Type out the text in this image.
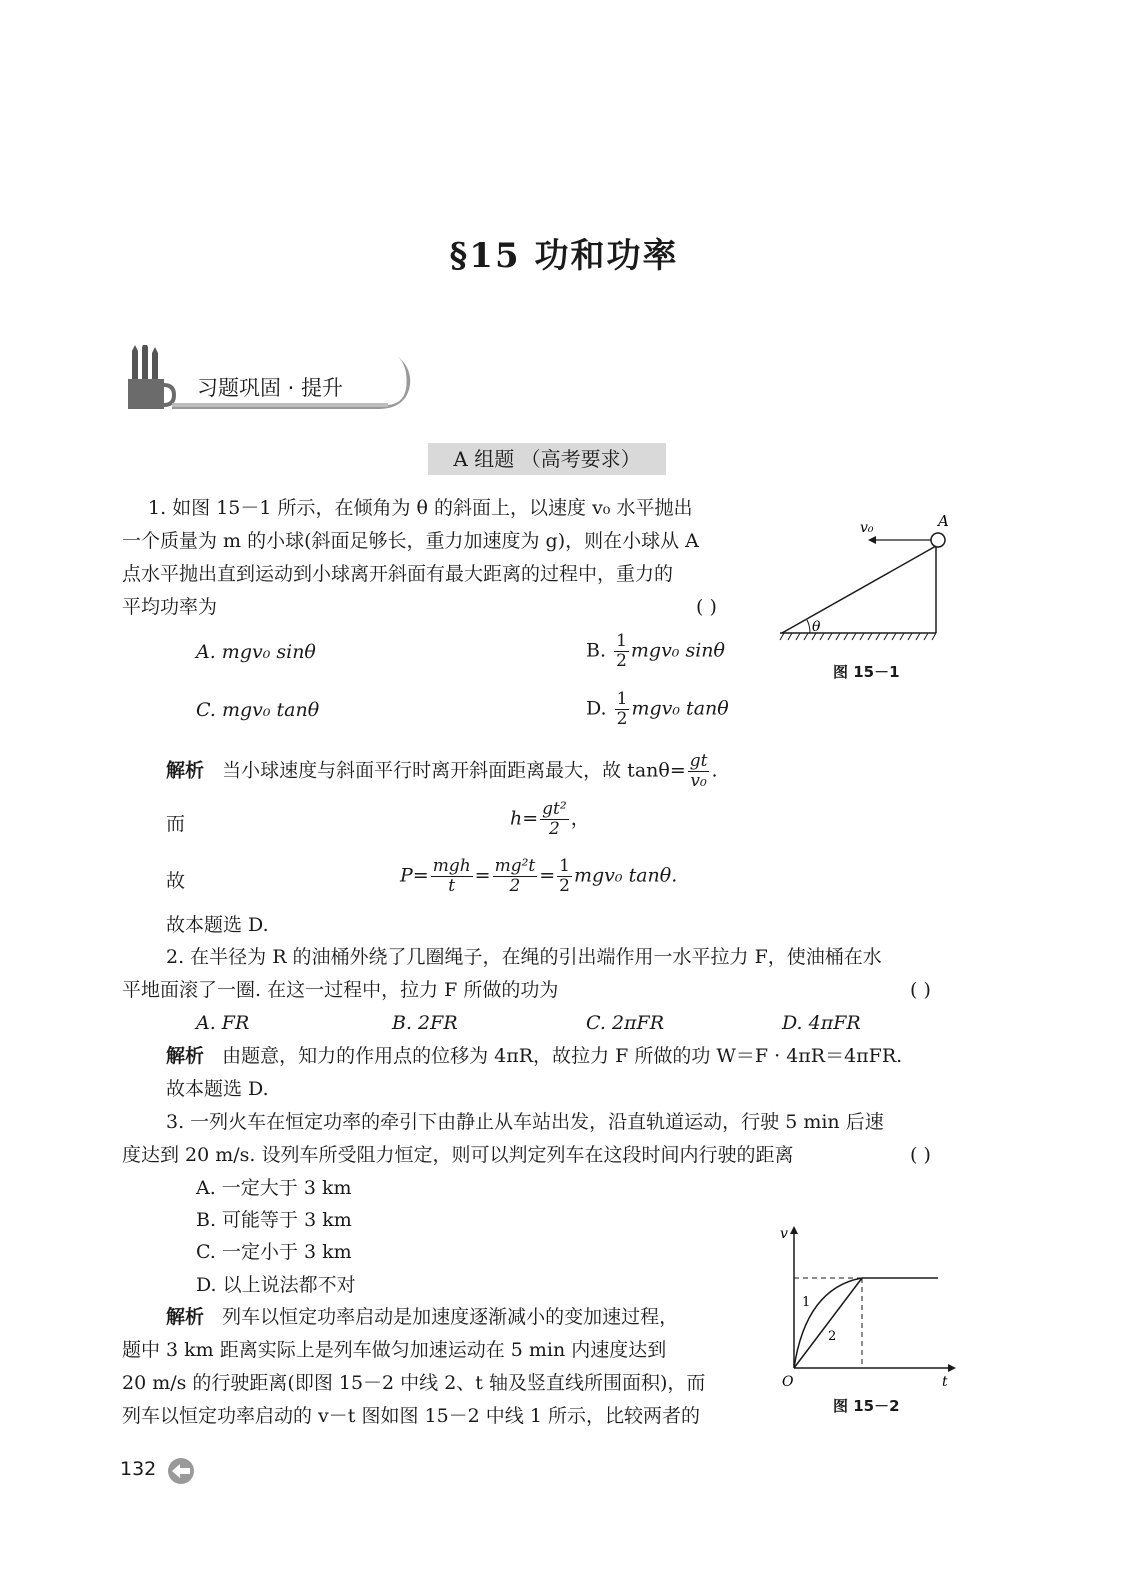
§15 功和功率
习题巩固 · 提升
A 组题 （高考要求）
1. 如图 15－1 所示，在倾角为 θ 的斜面上，以速度 v₀ 水平抛出
一个质量为 m 的小球(斜面足够长，重力加速度为 g)，则在小球从 A
点水平抛出直到运动到小球离开斜面有最大距离的过程中，重力的
平均功率为	( )
A. mgv₀ sinθ	B. $\frac{1}{2} mgv_0$ sinθ
C. mgv₀ tanθ	D. $\frac{1}{2} mgv_0$ tanθ
v₀	A
θ
图 15－1
解析 当小球速度与斜面平行时离开斜面距离最大，故 $\tan\theta= \frac{gt}{\text{v₀}}$ .
而	$h= \frac{\text{gt²}}{2}$ ，
故	$P= \frac{\text{mgh}}{t} = \frac{\text{mg²t}}{2} = \frac{1}{2} mgv_0$ tanθ.
故本题选 D.
2. 在半径为 R 的油桶外绕了几圈绳子，在绳的引出端作用一水平拉力 F，使油桶在水
平地面滚了一圈. 在这一过程中，拉力 F 所做的功为	( )
A. FR	B. 2FR	C. 2πFR	D. 4πFR
解析 由题意，知力的作用点的位移为 4πR，故拉力 F 所做的功 W＝F · 4πR＝4πFR.
故本题选 D.
3. 一列火车在恒定功率的牵引下由静止从车站出发，沿直轨道运动，行驶 5 min 后速
度达到 20 m/s. 设列车所受阻力恒定，则可以判定列车在这段时间内行驶的距离	( )
A. 一定大于 3 km
B. 可能等于 3 km
C. 一定小于 3 km
D. 以上说法都不对
v
t
O
1
2
图 15－2
解析 列车以恒定功率启动是加速度逐渐减小的变加速过程，
题中 3 km 距离实际上是列车做匀加速运动在 5 min 内速度达到
20 m/s 的行驶距离(即图 15－2 中线 2、t 轴及竖直线所围面积)，而
列车以恒定功率启动的 v－t 图如图 15－2 中线 1 所示，比较两者的
132
